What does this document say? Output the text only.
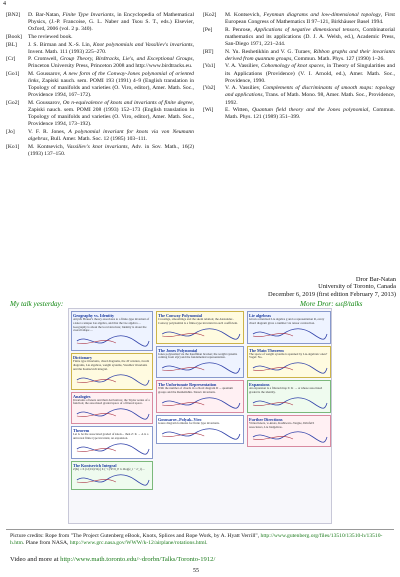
4
[BN2]	D. Bar-Natan, Finite Type Invariants, in Encyclopedia of Mathematical Physics, (J.-P. Francoise, G. L. Naber and Tsou S. T., eds.) Elsevier, Oxford, 2006 (vol. 2 p. 340).
[Book]	The reviewed book.
[BL]	J. S. Birman and X.-S. Lin, Knot polynomials and Vassiliev's invariants, Invent. Math. 111 (1993) 225–270.
[Cr]	P. Cromwell, Group Theory, Birdtracks, Lie's, and Exceptional Groups, Princeton University Press, Princeton 2008 and http://www.birdtracks.eu.
[Go1]	M. Goussarov, A new form of the Conway-Jones polynomial of oriented links, Zapiski nauch. sem. POMI 193 (1991) 4–9 (English translation in Topology of manifolds and varieties (O. Viro, editor), Amer. Math. Soc., Providence 1994, 167–172).
[Go2]	M. Goussarov, On n-equivalence of knots and invariants of finite degree, Zapiski nauch. sem. POMI 208 (1993) 152–173 (English translation in Topology of manifolds and varieties (O. Viro, editor), Amer. Math. Soc., Providence 1994, 173–192).
[Jo]	V. F. R. Jones, A polynomial invariant for knots via von Neumann algebras, Bull. Amer. Math. Soc. 12 (1985) 103–111.
[Ko1]	M. Kontsevich, Vassiliev's knot invariants, Adv. in Sov. Math., 16(2) (1993) 137–150.
[Ko2]	M. Kontsevich, Feynman diagrams and low-dimensional topology, First European Congress of Mathematics II 97–121, Birkhäuser Basel 1994.
[Pe]	R. Penrose, Applications of negative dimensional tensors, Combinatorial mathematics and its applications (D. J. A. Welsh, ed.), Academic Press, San-Diego 1971, 221–244.
[RT]	N. Yu. Reshetikhin and V. G. Turaev, Ribbon graphs and their invariants derived from quantum groups, Commun. Math. Phys. 127 (1990) 1–26.
[Va1]	V. A. Vassiliev, Cohomology of knot spaces, in Theory of Singularities and its Applications (Providence) (V. I. Arnold, ed.), Amer. Math. Soc., Providence, 1990.
[Va2]	V. A. Vassiliev, Complements of discriminants of smooth maps: topology and applications, Trans. of Math. Mono. 98, Amer. Math. Soc., Providence, 1992.
[Wi]	E. Witten, Quantum field theory and the Jones polynomial, Commun. Math. Phys. 121 (1989) 351–399.
Dror Bar-Natan
University of Toronto, Canada
December 6, 2019 (first edition February 7, 2013)
My talk yesterday:	More Dror: ωεβ/talks
Geography vs. Identity
Atiyah: Brauer's theory associates to a finite-type invariant of a knot a unique Lie algebra, and that the Lie algebra ... Geography is about the local structure; Identity is about the overall shape ...
Dictionary
Finite type invariants, chord diagrams, the 4T relation, Jacobi diagrams, Lie algebras, weight systems, Vassiliev invariants and the Kontsevich integral.
Analogies
Invariants of knots and their derivatives; the Taylor series of a function; the associated graded space of a filtered space.
Theorem
Let G be the associated graded of knots... then Z: K → A is a universal finite type invariant, an expansion.
The Kontsevich Integral
Z(K) = Σ (1/(2πi)^m) ∫ Σ (−1)^P D_P ∧ dlog(z_i − z'_i) ...
The Conway Polynomial
Crossings, smoothings and the skein relation; the Alexander–Conway polynomial is a finite-type invariant in each coefficient.
The Jones Polynomial
Jones polynomial via the Kauffman bracket; the weight systems coming from sl(2) and the fundamental representation.
The Unfortunate Representation
With the number of chords in a chord diagram D ... quantum groups and the Reshetikhin–Turaev invariants.
Goussarov–Polyak–Viro
Gauss diagram formulas for finite type invariants.
Lie algebras
Given a metrized Lie algebra g and a representation R, every chord diagram gives a number via tensor contraction.
The Main Theorem
The space of weight systems is spanned by Lie-algebraic ones? Vogel: No.
Expansions
An expansion is a filtered map Z: K → A whose associated graded is the identity.
Further Directions
Virtual knots, w-knots, Kashiwara–Vergne, Drinfel'd associators, Lie bialgebras.
Picture credits: Rope from "The Project Gutenberg eBook, Knots, Splices and Rope Work, by A. Hyatt Verrill", http://www.gutenberg.org/files/13510/13510-h/13510-h.htm. Plane from NASA, http://www.grc.nasa.gov/WWW/k-12/airplane/rotations.html.
Video and more at http://www.math.toronto.edu/~drorbn/Talks/Toronto-1912/
55
